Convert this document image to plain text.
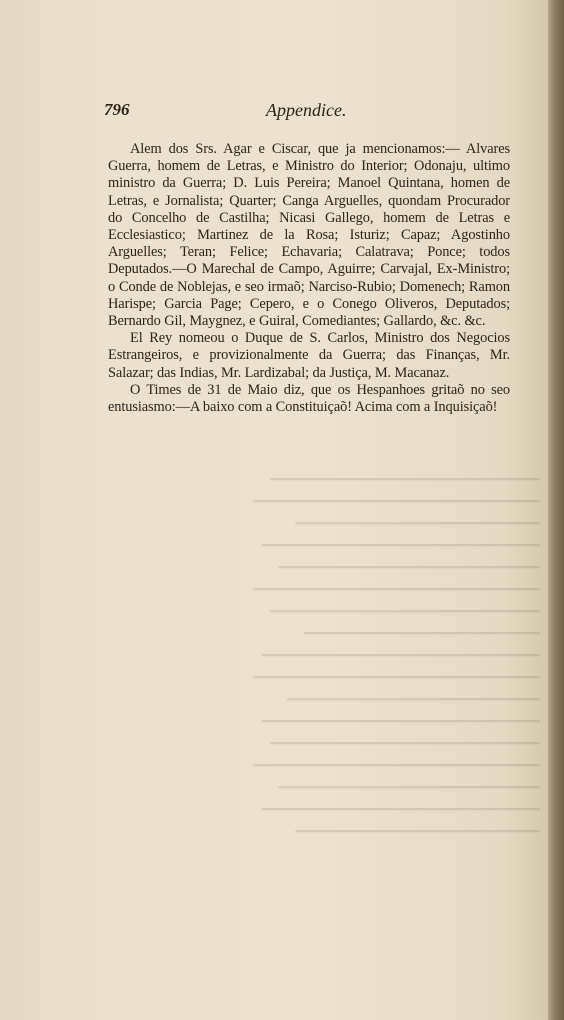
796	Appendice.

Alem dos Srs. Agar e Ciscar, que ja mencionamos:— Alvares Guerra, homem de Letras, e Ministro do Interior; Odonaju, ultimo ministro da Guerra; D. Luis Pereira; Manoel Quintana, homen de Letras, e Jornalista; Quarter; Canga Arguelles, quondam Procurador do Concelho de Castilha; Nicasi Gallego, homem de Letras e Ecclesiastico; Martinez de la Rosa; Isturiz; Capaz; Agostinho Arguelles; Teran; Felice; Echavaria; Calatrava; Ponce; todos Deputados.—O Marechal de Campo, Aguirre; Carvajal, Ex-Ministro; o Conde de Noblejas, e seo irmaõ; Narciso-Rubio; Domenech; Ramon Harispe; Garcia Page; Cepero, e o Conego Oliveros, Deputados; Bernardo Gil, Maygnez, e Guiral, Comediantes; Gallardo, &c. &c.

El Rey nomeou o Duque de S. Carlos, Ministro dos Negocios Estrangeiros, e provizionalmente da Guerra; das Finanças, Mr. Salazar; das Indias, Mr. Lardizabal; da Justiça, M. Macanaz.

O Times de 31 de Maio diz, que os Hespanhoes gritaõ no seo entusiasmo:—A baixo com a Constituiçaõ! Acima com a Inquisiçaõ!

━━━━━━━━━━━━━━━━━━━━━━━━━━━━━━━━
━━━━━━━━━━━━━━━━━━━━━━━━━━━━━━━━━━
━━━━━━━━━━━━━━━━━━━━━━━━━━━━━
━━━━━━━━━━━━━━━━━━━━━━━━━━━━━━━━━
━━━━━━━━━━━━━━━━━━━━━━━━━━━━━━━
━━━━━━━━━━━━━━━━━━━━━━━━━━━━━━━━━━
━━━━━━━━━━━━━━━━━━━━━━━━━━━━━━━━
━━━━━━━━━━━━━━━━━━━━━━━━━━━━
━━━━━━━━━━━━━━━━━━━━━━━━━━━━━━━━━
━━━━━━━━━━━━━━━━━━━━━━━━━━━━━━━━━━
━━━━━━━━━━━━━━━━━━━━━━━━━━━━━━
━━━━━━━━━━━━━━━━━━━━━━━━━━━━━━━━━
━━━━━━━━━━━━━━━━━━━━━━━━━━━━━━━━
━━━━━━━━━━━━━━━━━━━━━━━━━━━━━━━━━━
━━━━━━━━━━━━━━━━━━━━━━━━━━━━━━━
━━━━━━━━━━━━━━━━━━━━━━━━━━━━━━━━━
━━━━━━━━━━━━━━━━━━━━━━━━━━━━━
